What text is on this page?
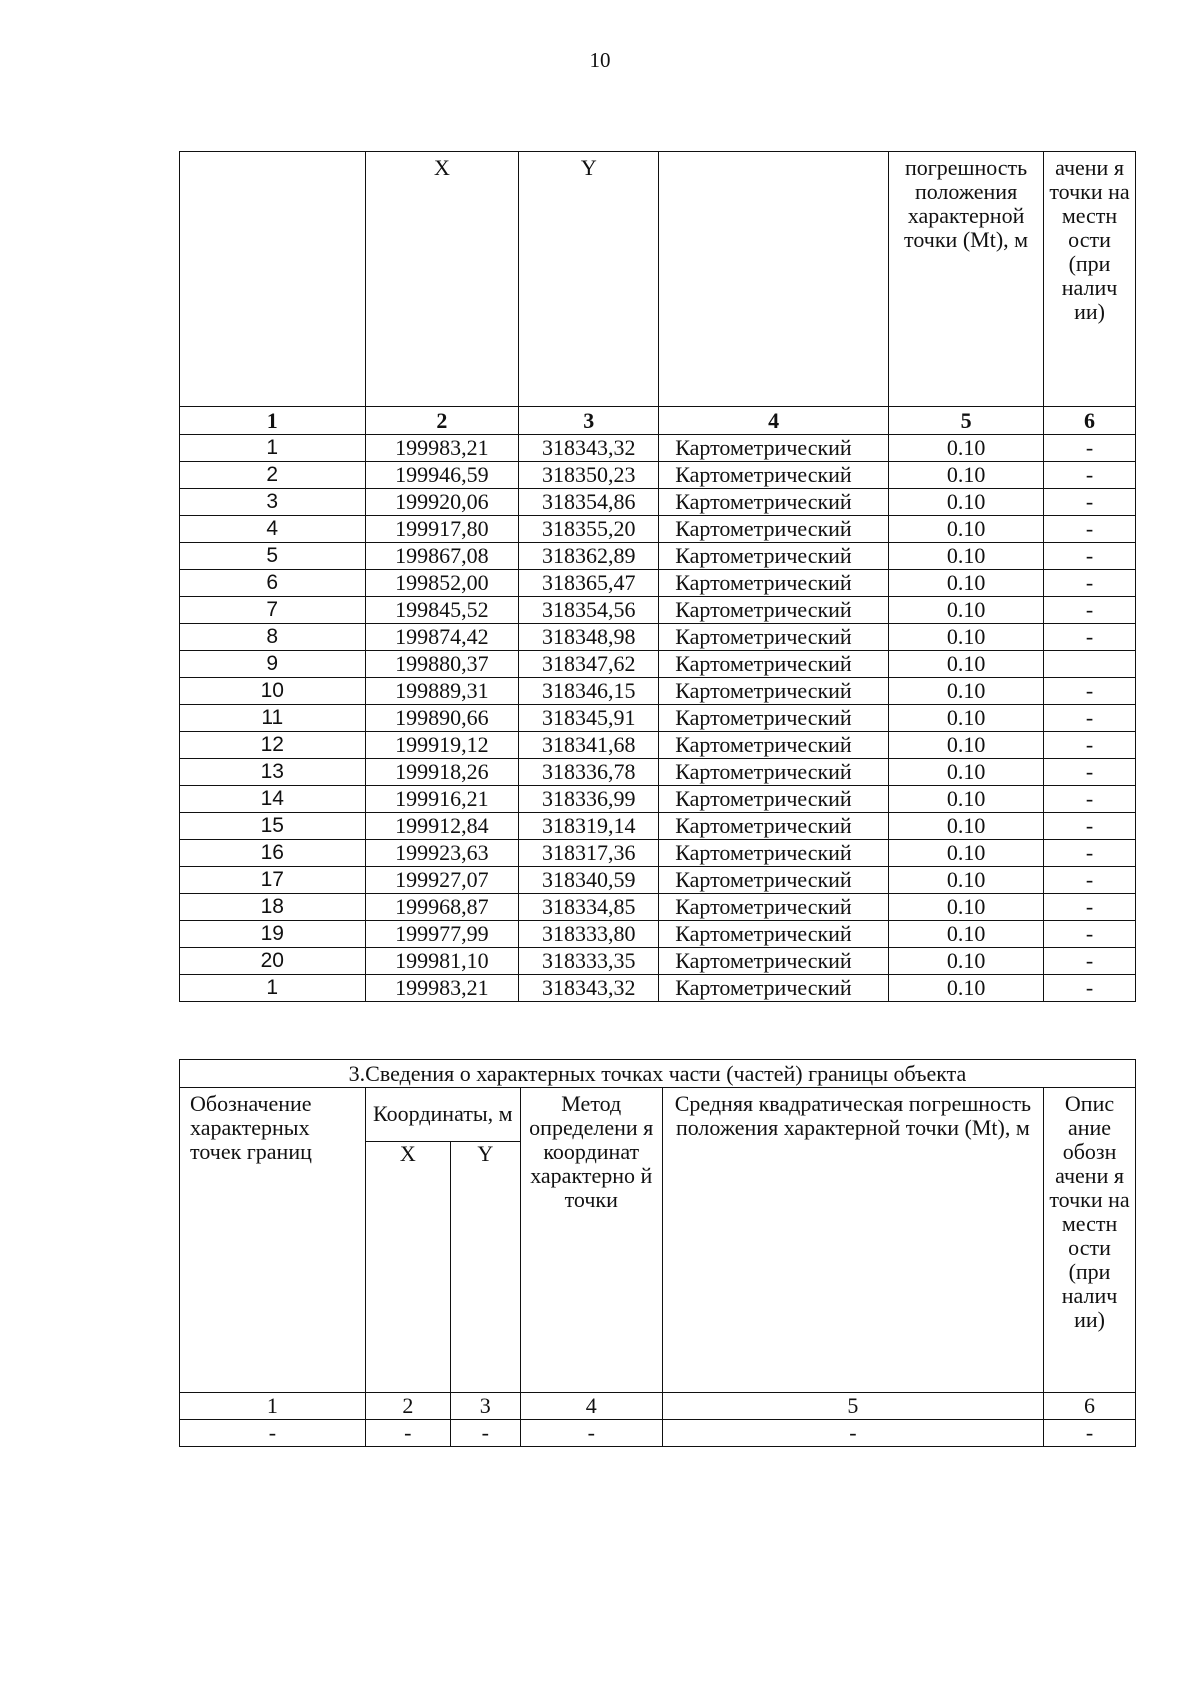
10
	X	Y		погрешность положения характерной точки (Mt), м	ачени я точки на местн ости (при налич ии)
1	2	3	4	5	6
1	199983,21	318343,32	Картометрический	0.10	-
2	199946,59	318350,23	Картометрический	0.10	-
3	199920,06	318354,86	Картометрический	0.10	-
4	199917,80	318355,20	Картометрический	0.10	-
5	199867,08	318362,89	Картометрический	0.10	-
6	199852,00	318365,47	Картометрический	0.10	-
7	199845,52	318354,56	Картометрический	0.10	-
8	199874,42	318348,98	Картометрический	0.10	-
9	199880,37	318347,62	Картометрический	0.10	
10	199889,31	318346,15	Картометрический	0.10	-
11	199890,66	318345,91	Картометрический	0.10	-
12	199919,12	318341,68	Картометрический	0.10	-
13	199918,26	318336,78	Картометрический	0.10	-
14	199916,21	318336,99	Картометрический	0.10	-
15	199912,84	318319,14	Картометрический	0.10	-
16	199923,63	318317,36	Картометрический	0.10	-
17	199927,07	318340,59	Картометрический	0.10	-
18	199968,87	318334,85	Картометрический	0.10	-
19	199977,99	318333,80	Картометрический	0.10	-
20	199981,10	318333,35	Картометрический	0.10	-
1	199983,21	318343,32	Картометрический	0.10	-
3.Сведения о характерных точках части (частей) границы объекта					
Обозначение характерных точек границ	Координаты, м		Метод определени я координат характерно й точки	Средняя квадратическая погрешность положения характерной точки (Mt), м	Опис ание обозн ачени я точки на местн ости (при налич ии)
	X	Y			
1	2	3	4	5	6
-	-	-	-	-	-
